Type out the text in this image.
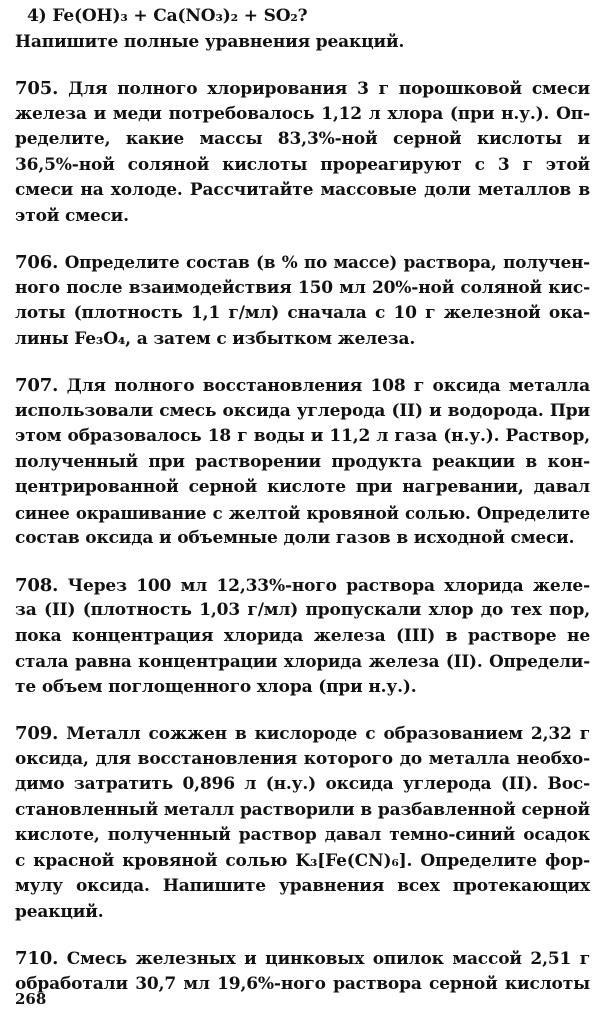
4) Fe(OH)₃ + Ca(NO₃)₂ + SO₂?
Напишите полные уравнения реакций.
705. Для полного хлорирования 3 г порошковой смеси
железа и меди потребовалось 1,12 л хлора (при н.у.). Оп-
ределите, какие массы 83,3%-ной серной кислоты и
36,5%-ной соляной кислоты прореагируют с 3 г этой
смеси на холоде. Рассчитайте массовые доли металлов в
этой смеси.
706. Определите состав (в % по массе) раствора, получен-
ного после взаимодействия 150 мл 20%-ной соляной кис-
лоты (плотность 1,1 г/мл) сначала с 10 г железной ока-
лины Fe₃O₄, а затем с избытком железа.
707. Для полного восстановления 108 г оксида металла
использовали смесь оксида углерода (II) и водорода. При
этом образовалось 18 г воды и 11,2 л газа (н.у.). Раствор,
полученный при растворении продукта реакции в кон-
центрированной серной кислоте при нагревании, давал
синее окрашивание с желтой кровяной солью. Определите
состав оксида и объемные доли газов в исходной смеси.
708. Через 100 мл 12,33%-ного раствора хлорида желе-
за (II) (плотность 1,03 г/мл) пропускали хлор до тех пор,
пока концентрация хлорида железа (III) в растворе не
стала равна концентрации хлорида железа (II). Определи-
те объем поглощенного хлора (при н.у.).
709. Металл сожжен в кислороде с образованием 2,32 г
оксида, для восстановления которого до металла необхо-
димо затратить 0,896 л (н.у.) оксида углерода (II). Вос-
становленный металл растворили в разбавленной серной
кислоте, полученный раствор давал темно-синий осадок
с красной кровяной солью K₃[Fe(CN)₆]. Определите фор-
мулу оксида. Напишите уравнения всех протекающих
реакций.
710. Смесь железных и цинковых опилок массой 2,51 г
обработали 30,7 мл 19,6%-ного раствора серной кислоты
268
